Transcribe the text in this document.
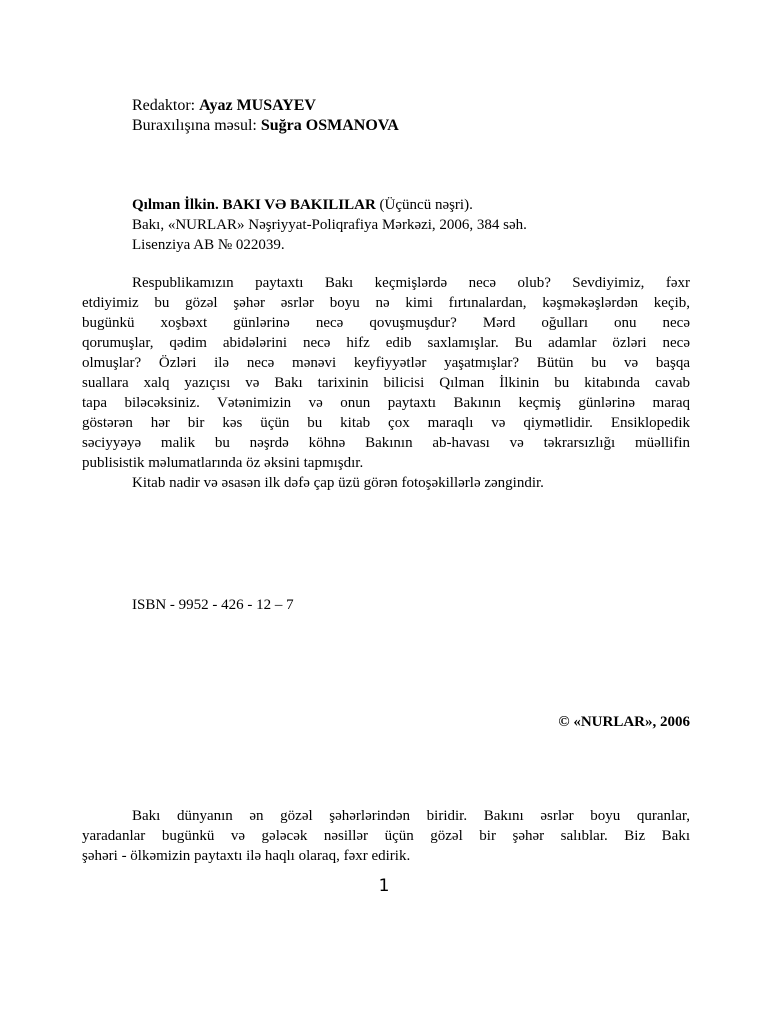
Redaktor: Ayaz MUSAYEV
Buraxılışına məsul: Suğra OSMANOVA
Qılman İlkin. BAKI VƏ BAKILILAR (Üçüncü nəşri).
Bakı, «NURLAR» Nəşriyyat-Poliqrafiya Mərkəzi, 2006, 384 səh.
Lisenziya AB № 022039.
Respublikamızın paytaxtı Bakı keçmişlərdə necə olub? Sevdiyimiz, fəxr
etdiyimiz bu gözəl şəhər əsrlər boyu nə kimi fırtınalardan, kəşməkəşlərdən keçib,
bugünkü xoşbəxt günlərinə necə qovuşmuşdur? Mərd oğulları onu necə
qorumuşlar, qədim abidələrini necə hifz edib saxlamışlar. Bu adamlar özləri necə
olmuşlar? Özləri ilə necə mənəvi keyfiyyətlər yaşatmışlar? Bütün bu və başqa
suallara xalq yazıçısı və Bakı tarixinin bilicisi Qılman İlkinin bu kitabında cavab
tapa biləcəksiniz. Vətənimizin və onun paytaxtı Bakının keçmiş günlərinə maraq
göstərən hər bir kəs üçün bu kitab çox maraqlı və qiymətlidir. Ensiklopedik
səciyyəyə malik bu nəşrdə köhnə Bakının ab-havası və təkrarsızlığı müəllifin
publisistik məlumatlarında öz əksini tapmışdır.
Kitab nadir və əsasən ilk dəfə çap üzü görən fotoşəkillərlə zəngindir.
ISBN - 9952 - 426 - 12 – 7
© «NURLAR», 2006
Bakı dünyanın ən gözəl şəhərlərindən biridir. Bakını əsrlər boyu quranlar,
yaradanlar bugünkü və gələcək nəsillər üçün gözəl bir şəhər salıblar. Biz Bakı
şəhəri - ölkəmizin paytaxtı ilə haqlı olaraq, fəxr edirik.
1
